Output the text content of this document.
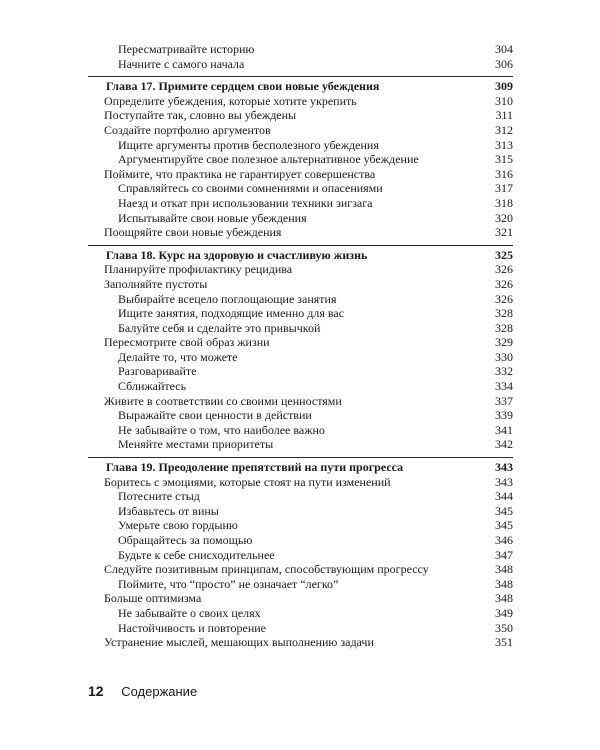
Пересматривайте историю	304
Начните с самого начала	306
Глава 17. Примите сердцем свои новые убеждения	309
Определите убеждения, которые хотите укрепить	310
Поступайте так, словно вы убеждены	311
Создайте портфолио аргументов	312
Ищите аргументы против бесполезного убеждения	313
Аргументируйте свое полезное альтернативное убеждение	315
Поймите, что практика не гарантирует совершенства	316
Справляйтесь со своими сомнениями и опасениями	317
Наезд и откат при использовании техники зигзага	318
Испытывайте свои новые убеждения	320
Поощряйте свои новые убеждения	321
Глава 18. Курс на здоровую и счастливую жизнь	325
Планируйте профилактику рецидива	326
Заполняйте пустоты	326
Выбирайте всецело поглощающие занятия	326
Ищите занятия, подходящие именно для вас	328
Балуйте себя и сделайте это привычкой	328
Пересмотрите свой образ жизни	329
Делайте то, что можете	330
Разговаривайте	332
Сближайтесь	334
Живите в соответствии со своими ценностями	337
Выражайте свои ценности в действии	339
Не забывайте о том, что наиболее важно	341
Меняйте местами приоритеты	342
Глава 19. Преодоление препятствий на пути прогресса	343
Боритесь с эмоциями, которые стоят на пути изменений	343
Потесните стыд	344
Избавьтесь от вины	345
Умерьте свою гордыню	345
Обращайтесь за помощью	346
Будьте к себе снисходительнее	347
Следуйте позитивным принципам, способствующим прогрессу	348
Поймите, что “просто” не означает “легко”	348
Больше оптимизма	348
Не забывайте о своих целях	349
Настойчивость и повторение	350
Устранение мыслей, мешающих выполнению задачи	351
12 Содержание
